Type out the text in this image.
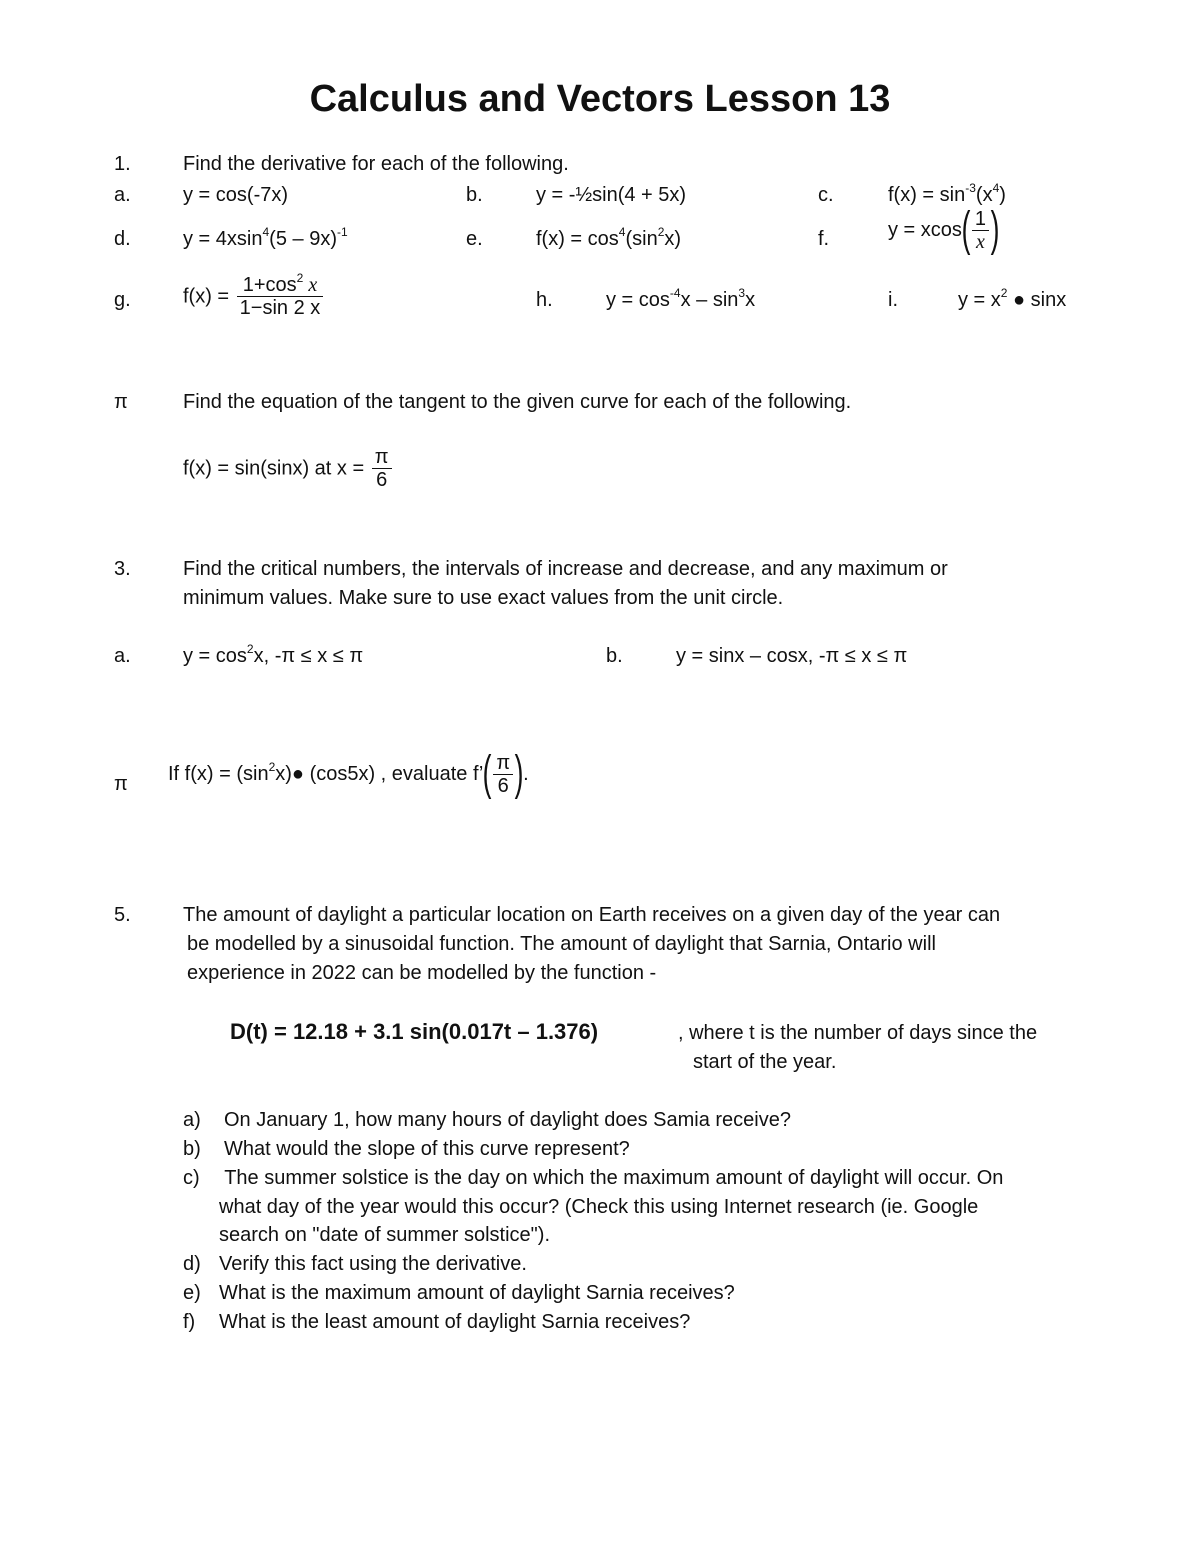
Calculus and Vectors Lesson 13
1.	Find the derivative for each of the following.
a.	y = cos(-7x)	b.	y = -½sin(4 + 5x)	c.	$f(x) = \sin^{-3}(x^4)$
d.	y = 4xsin$^4$(5 – 9x)$^{-1}$	e.	$f(x) = \cos^4(\sin^2x)$	f.	$y = xcos( \frac{1}{x}$ )
g.	$f(x) = \frac{1+\cos^2 x}{1-\sin 2 x}$	h.	$y = \cos^{-4}x - \sin^3x$	i.	$y = x^2$ ● sinx
π	Find the equation of the tangent to the given curve for each of the following.
f(x) = sin(sinx) at $x = \frac{\pi}{6}$
3.	Find the critical numbers, the intervals of increase and decrease, and any maximum or
minimum values. Make sure to use exact values from the unit circle.
a.	$y = \cos^2x$, -π ≤ x ≤ π	b.	y = sinx – cosx, -π ≤ x ≤ π
π If $f(x) = (\sin^2x)●$ (cos5x) , evaluate f’( $\frac{\pi}{6}$ ).
5.	The amount of daylight a particular location on Earth receives on a given day of the year can
be modelled by a sinusoidal function. The amount of daylight that Sarnia, Ontario will
experience in 2022 can be modelled by the function -
D(t) = 12.18 + 3.1 sin(0.017t – 1.376)	, where t is the number of days since the
start of the year.
a) On January 1, how many hours of daylight does Samia receive?
b) What would the slope of this curve represent?
c) The summer solstice is the day on which the maximum amount of daylight will occur. On
what day of the year would this occur? (Check this using Internet research (ie. Google
search on "date of summer solstice").
d) Verify this fact using the derivative.
e) What is the maximum amount of daylight Sarnia receives?
f) What is the least amount of daylight Sarnia receives?
